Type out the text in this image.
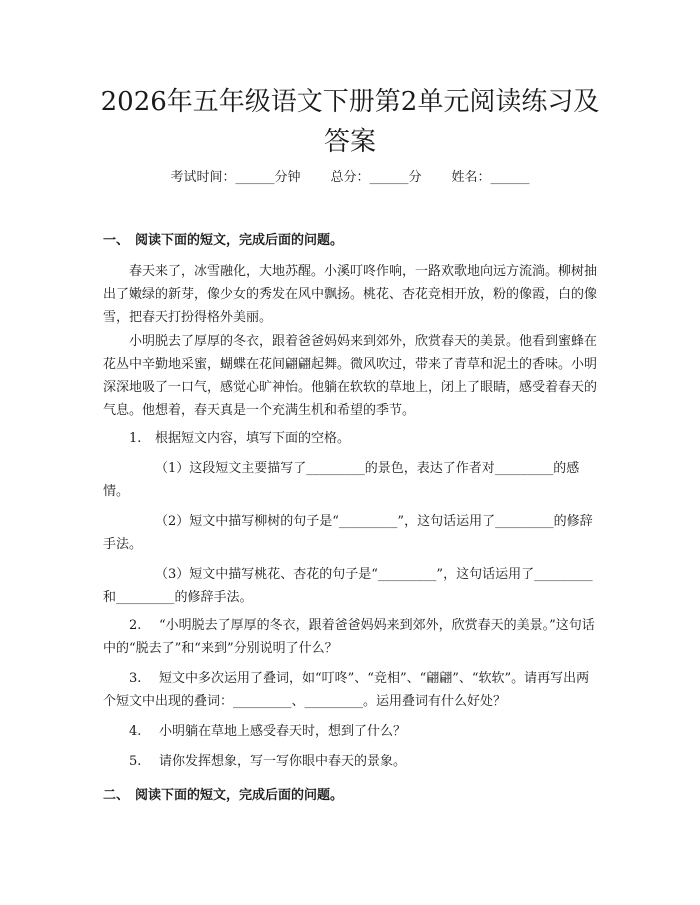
2026年五年级语文下册第2单元阅读练习及答案
考试时间：______分钟 总分：______分 姓名：______
一、 阅读下面的短文，完成后面的问题。

春天来了，冰雪融化，大地苏醒。小溪叮咚作响，一路欢歌地向远方流淌。柳树抽出了嫩绿的新芽，像少女的秀发在风中飘扬。桃花、杏花竞相开放，粉的像霞，白的像雪，把春天打扮得格外美丽。

小明脱去了厚厚的冬衣，跟着爸爸妈妈来到郊外，欣赏春天的美景。他看到蜜蜂在花丛中辛勤地采蜜，蝴蝶在花间翩翩起舞。微风吹过，带来了青草和泥土的香味。小明深深地吸了一口气，感觉心旷神怡。他躺在软软的草地上，闭上了眼睛，感受着春天的气息。他想着，春天真是一个充满生机和希望的季节。

1. 根据短文内容，填写下面的空格。
（1）这段短文主要描写了_________的景色，表达了作者对_________的感情。
（2）短文中描写柳树的句子是“_________”，这句话运用了_________的修辞手法。
（3）短文中描写桃花、杏花的句子是“_________”，这句话运用了_________和_________的修辞手法。
2. “小明脱去了厚厚的冬衣，跟着爸爸妈妈来到郊外，欣赏春天的美景。”这句话中的“脱去了”和“来到”分别说明了什么？
3. 短文中多次运用了叠词，如“叮咚”、“竞相”、“翩翩”、“软软”。请再写出两个短文中出现的叠词：_________、_________。运用叠词有什么好处？
4. 小明躺在草地上感受春天时，想到了什么？
5. 请你发挥想象，写一写你眼中春天的景象。
二、 阅读下面的短文，完成后面的问题。
